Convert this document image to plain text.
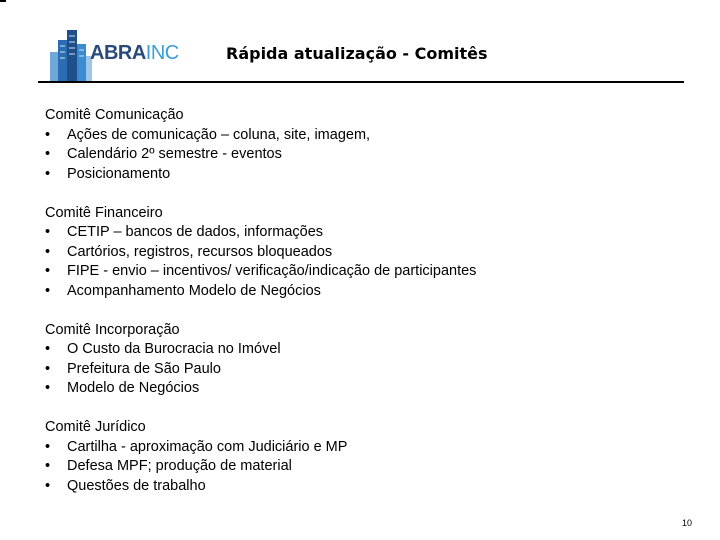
ABRAINC	Rápida atualização - Comitês
Comitê Comunicação
• Ações de comunicação – coluna, site, imagem,
• Calendário 2º semestre - eventos
• Posicionamento
Comitê Financeiro
• CETIP – bancos de dados, informações
• Cartórios, registros, recursos bloqueados
• FIPE - envio – incentivos/ verificação/indicação de participantes
• Acompanhamento Modelo de Negócios
Comitê Incorporação
• O Custo da Burocracia no Imóvel
• Prefeitura de São Paulo
• Modelo de Negócios
Comitê Jurídico
• Cartilha - aproximação com Judiciário e MP
• Defesa MPF; produção de material
• Questões de trabalho
10
